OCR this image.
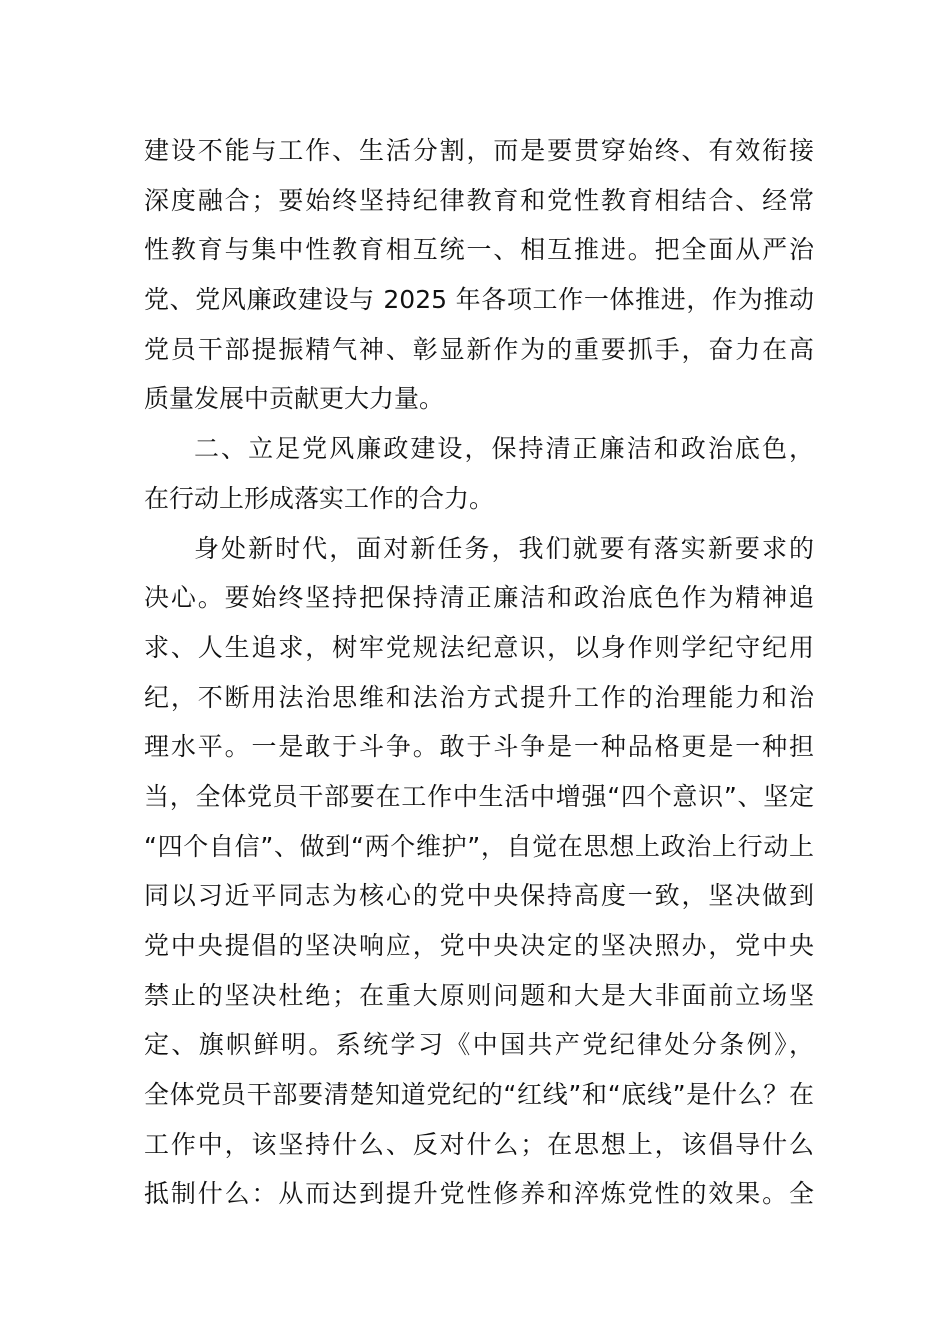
建设不能与工作、生活分割，而是要贯穿始终、有效衔接
深度融合；要始终坚持纪律教育和党性教育相结合、经常
性教育与集中性教育相互统一、相互推进。把全面从严治
党、党风廉政建设与 2025 年各项工作一体推进，作为推动
党员干部提振精气神、彰显新作为的重要抓手，奋力在高
质量发展中贡献更大力量。
二、立足党风廉政建设，保持清正廉洁和政治底色，
在行动上形成落实工作的合力。
身处新时代，面对新任务，我们就要有落实新要求的
决心。要始终坚持把保持清正廉洁和政治底色作为精神追
求、人生追求，树牢党规法纪意识，以身作则学纪守纪用
纪，不断用法治思维和法治方式提升工作的治理能力和治
理水平。一是敢于斗争。敢于斗争是一种品格更是一种担
当，全体党员干部要在工作中生活中增强“四个意识”、坚定
“四个自信”、做到“两个维护”，自觉在思想上政治上行动上
同以习近平同志为核心的党中央保持高度一致，坚决做到
党中央提倡的坚决响应，党中央决定的坚决照办，党中央
禁止的坚决杜绝；在重大原则问题和大是大非面前立场坚
定、旗帜鲜明。系统学习《中国共产党纪律处分条例》，
全体党员干部要清楚知道党纪的“红线”和“底线”是什么？在
工作中，该坚持什么、反对什么；在思想上，该倡导什么
抵制什么：从而达到提升党性修养和淬炼党性的效果。全
